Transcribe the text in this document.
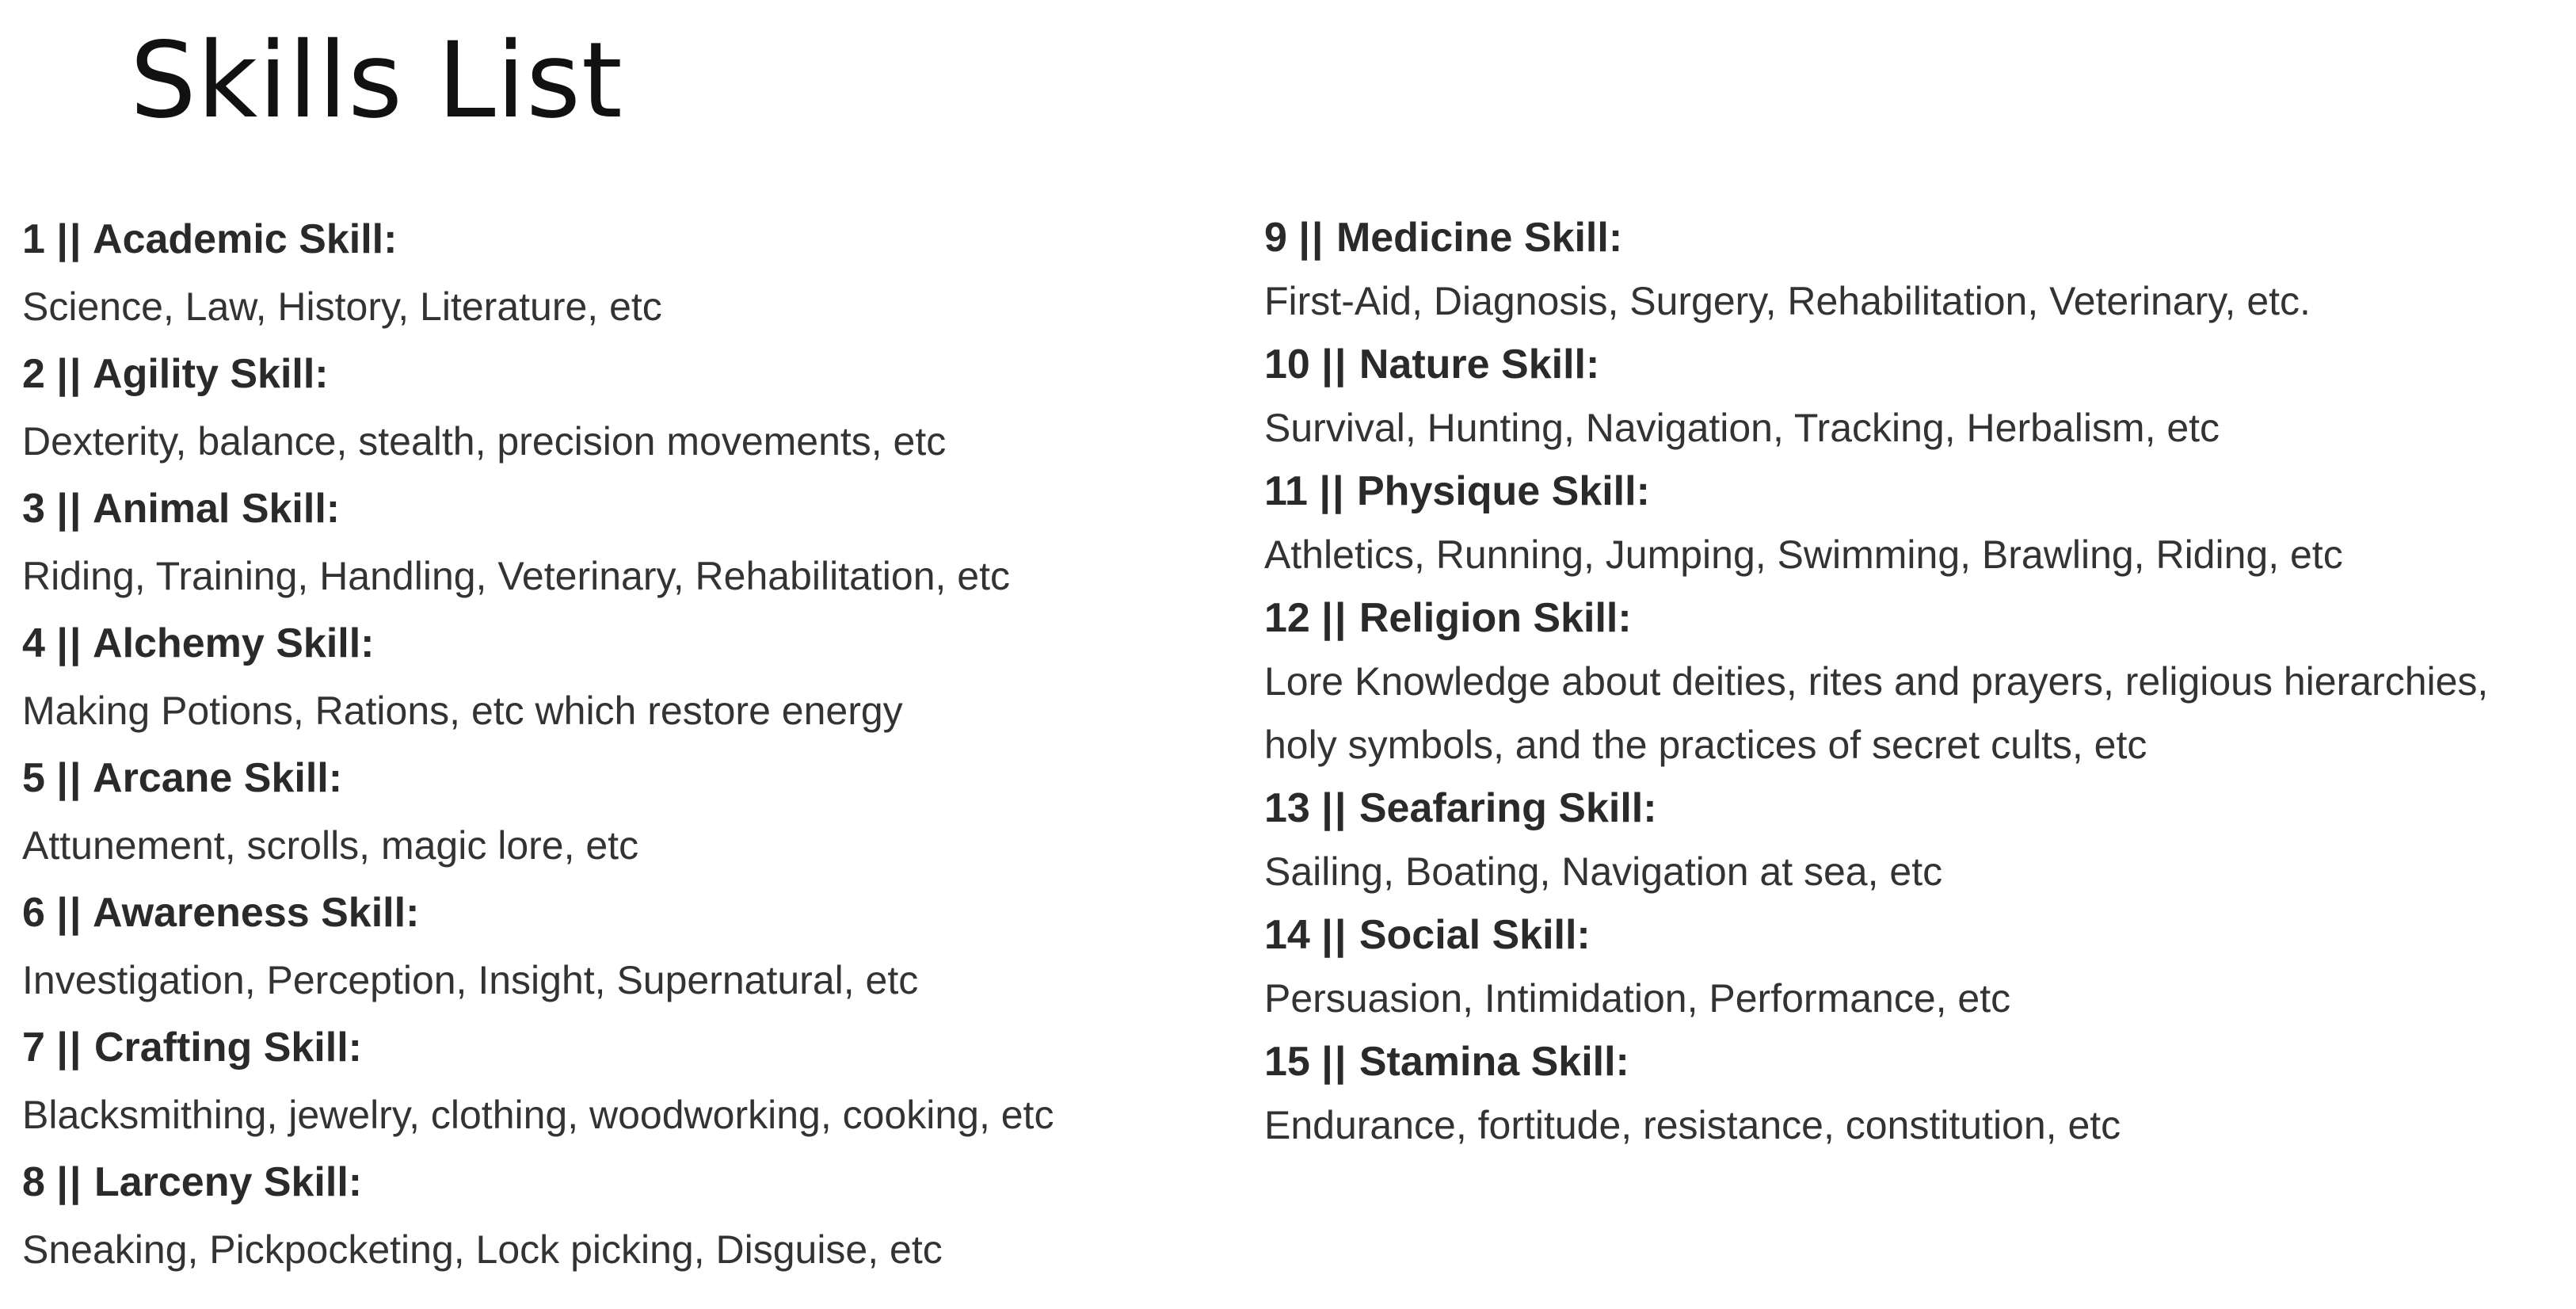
Skills List
1 || Academic Skill:
Science, Law, History, Literature, etc
2 || Agility Skill:
Dexterity, balance, stealth, precision movements, etc
3 || Animal Skill:
Riding, Training, Handling, Veterinary, Rehabilitation, etc
4 || Alchemy Skill:
Making Potions, Rations, etc which restore energy
5 || Arcane Skill:
Attunement, scrolls, magic lore, etc
6 || Awareness Skill:
Investigation, Perception, Insight, Supernatural, etc
7 || Crafting Skill:
Blacksmithing, jewelry, clothing, woodworking, cooking, etc
8 || Larceny Skill:
Sneaking, Pickpocketing, Lock picking, Disguise, etc
9 || Medicine Skill:
First-Aid, Diagnosis, Surgery, Rehabilitation, Veterinary, etc.
10 || Nature Skill:
Survival, Hunting, Navigation, Tracking, Herbalism, etc
11 || Physique Skill:
Athletics, Running, Jumping, Swimming, Brawling, Riding, etc
12 || Religion Skill:
Lore Knowledge about deities, rites and prayers, religious hierarchies, holy symbols, and the practices of secret cults, etc
13 || Seafaring Skill:
Sailing, Boating, Navigation at sea, etc
14 || Social Skill:
Persuasion, Intimidation, Performance, etc
15 || Stamina Skill:
Endurance, fortitude, resistance, constitution, etc
